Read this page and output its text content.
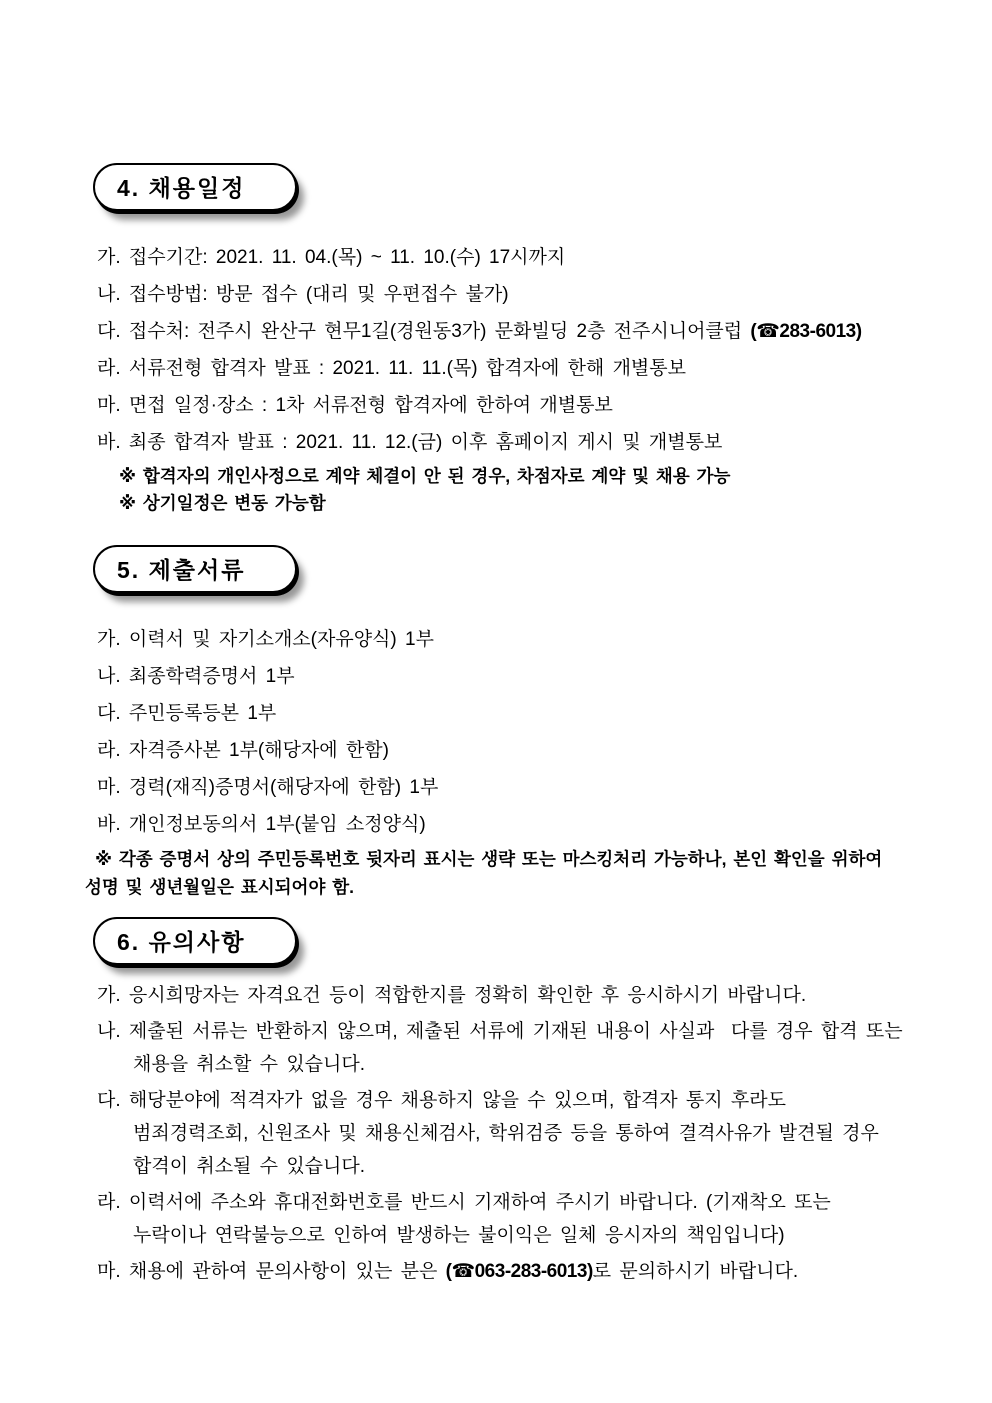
4. 채용일정
가. 접수기간: 2021. 11. 04.(목) ~ 11. 10.(수) 17시까지
나. 접수방법: 방문 접수 (대리 및 우편접수 불가)
다. 접수처: 전주시 완산구 현무1길(경원동3가) 문화빌딩 2층 전주시니어클럽 (☎283-6013)
라. 서류전형 합격자 발표 : 2021. 11. 11.(목) 합격자에 한해 개별통보
마. 면접 일정·장소 : 1차 서류전형 합격자에 한하여 개별통보
바. 최종 합격자 발표 : 2021. 11. 12.(금) 이후 홈페이지 게시 및 개별통보
※ 합격자의 개인사정으로 계약 체결이 안 된 경우, 차점자로 계약 및 채용 가능
※ 상기일정은 변동 가능함
5. 제출서류
가. 이력서 및 자기소개소(자유양식) 1부
나. 최종학력증명서 1부
다. 주민등록등본 1부
라. 자격증사본 1부(해당자에 한함)
마. 경력(재직)증명서(해당자에 한함) 1부
바. 개인정보동의서 1부(붙임 소정양식)
※ 각종 증명서 상의 주민등록번호 뒷자리 표시는 생략 또는 마스킹처리 가능하나, 본인 확인을 위하여 성명 및 생년월일은 표시되어야 함.
6. 유의사항
가. 응시희망자는 자격요건 등이 적합한지를 정확히 확인한 후 응시하시기 바랍니다.
나. 제출된 서류는 반환하지 않으며, 제출된 서류에 기재된 내용이 사실과  다를 경우 합격 또는 채용을 취소할 수 있습니다.
다. 해당분야에 적격자가 없을 경우 채용하지 않을 수 있으며, 합격자 통지 후라도 범죄경력조회, 신원조사 및 채용신체검사, 학위검증 등을 통하여 결격사유가 발견될 경우 합격이 취소될 수 있습니다.
라. 이력서에 주소와 휴대전화번호를 반드시 기재하여 주시기 바랍니다. (기재착오 또는 누락이나 연락불능으로 인하여 발생하는 불이익은 일체 응시자의 책임입니다)
마. 채용에 관하여 문의사항이 있는 분은 (☎063-283-6013)로 문의하시기 바랍니다.
